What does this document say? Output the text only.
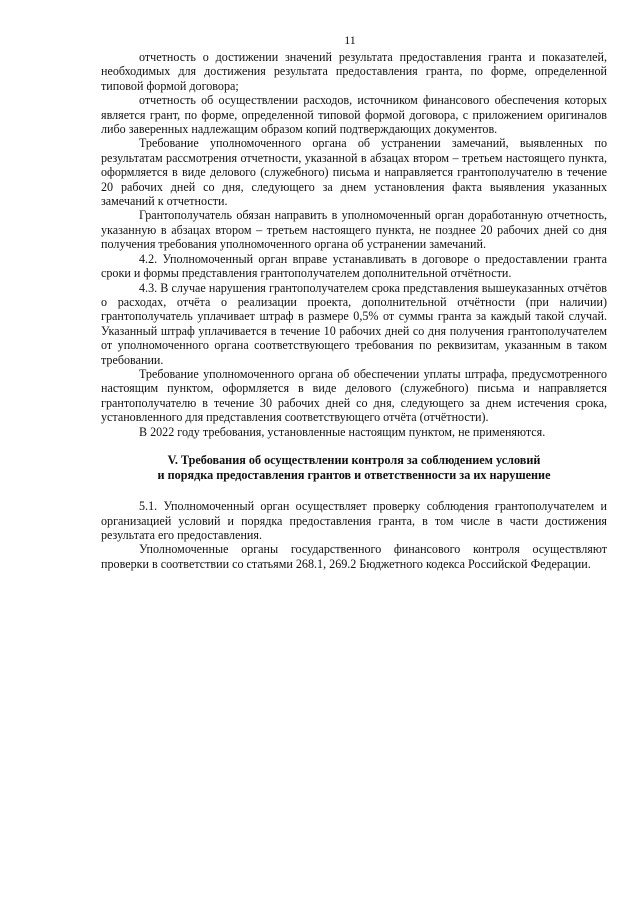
11

отчетность о достижении значений результата предоставления гранта и показателей, необходимых для достижения результата предоставления гранта, по форме, определенной типовой формой договора;

отчетность об осуществлении расходов, источником финансового обеспечения которых является грант, по форме, определенной типовой формой договора, с приложением оригиналов либо заверенных надлежащим образом копий подтверждающих документов.

Требование уполномоченного органа об устранении замечаний, выявленных по результатам рассмотрения отчетности, указанной в абзацах втором – третьем настоящего пункта, оформляется в виде делового (служебного) письма и направляется грантополучателю в течение 20 рабочих дней со дня, следующего за днем установления факта выявления указанных замечаний к отчетности.

Грантополучатель обязан направить в уполномоченный орган доработанную отчетность, указанную в абзацах втором – третьем настоящего пункта, не позднее 20 рабочих дней со дня получения требования уполномоченного органа об устранении замечаний.

4.2. Уполномоченный орган вправе устанавливать в договоре о предоставлении гранта сроки и формы представления грантополучателем дополнительной отчётности.

4.3. В случае нарушения грантополучателем срока представления вышеуказанных отчётов о расходах, отчёта о реализации проекта, дополнительной отчётности (при наличии) грантополучатель уплачивает штраф в размере 0,5% от суммы гранта за каждый такой случай. Указанный штраф уплачивается в течение 10 рабочих дней со дня получения грантополучателем от уполномоченного органа соответствующего требования по реквизитам, указанным в таком требовании.

Требование уполномоченного органа об обеспечении уплаты штрафа, предусмотренного настоящим пунктом, оформляется в виде делового (служебного) письма и направляется грантополучателю в течение 30 рабочих дней со дня, следующего за днем истечения срока, установленного для представления соответствующего отчёта (отчётности).

В 2022 году требования, установленные настоящим пунктом, не применяются.

V. Требования об осуществлении контроля за соблюдением условий
и порядка предоставления грантов и ответственности за их нарушение

5.1. Уполномоченный орган осуществляет проверку соблюдения грантополучателем и организацией условий и порядка предоставления гранта, в том числе в части достижения результата его предоставления.

Уполномоченные органы государственного финансового контроля осуществляют проверки в соответствии со статьями 268.1, 269.2 Бюджетного кодекса Российской Федерации.
